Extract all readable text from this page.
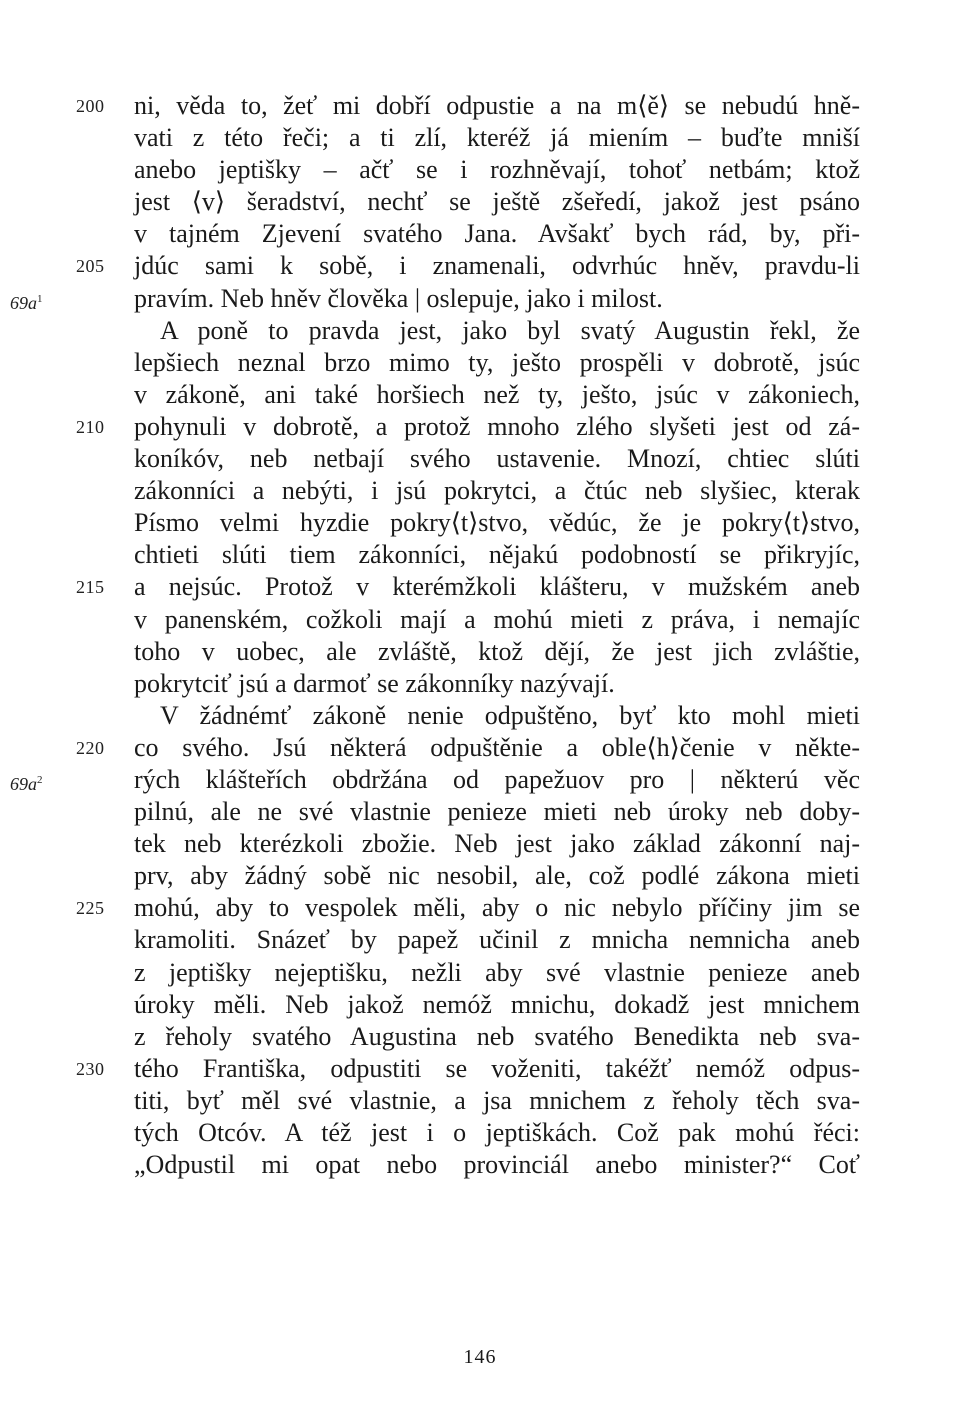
200	ni, věda to, žeť mi dobří odpustie a na m⟨ě⟩ se nebudú hně-
vati z této řeči; a ti zlí, kteréž já miením – buďte mniší
anebo jeptišky – ačť se i rozhněvají, tohoť netbám; ktož
jest ⟨v⟩ šeradství, nechť se ještě zšeředí, jakož jest psáno
v tajném Zjevení svatého Jana. Avšakť bych rád, by, při-
205	jdúc sami k sobě, i znamenali, odvrhúc hněv, pravdu-li
$69a^1$	pravím. Neb hněv člověka | oslepuje, jako i milost.
A poně to pravda jest, jako byl svatý Augustin řekl, že
lepšiech neznal brzo mimo ty, ješto prospěli v dobrotě, jsúc
v zákoně, ani také horšiech než ty, ješto, jsúc v zákoniech,
210	pohynuli v dobrotě, a protož mnoho zlého slyšeti jest od zá-
koníkóv, neb netbají svého ustavenie. Mnozí, chtiec slúti
zákonníci a nebýti, i jsú pokrytci, a čtúc neb slyšiec, kterak
Písmo velmi hyzdie pokry⟨t⟩stvo, vědúc, že je pokry⟨t⟩stvo,
chtieti slúti tiem zákonníci, nějakú podobností se přikryjíc,
215	a nejsúc. Protož v kterémžkoli klášteru, v mužském aneb
v panenském, cožkoli mají a mohú mieti z práva, i nemajíc
toho v uobec, ale zvláště, ktož dějí, že jest jich zvláštie,
pokrytciť jsú a darmoť se zákonníky nazývají.
V žádnémť zákoně nenie odpuštěno, byť kto mohl mieti
220	co svého. Jsú některá odpuštěnie a oble⟨h⟩čenie v někte-
$69a^2$	rých klášteřích obdržána od papežuov pro | některú věc
pilnú, ale ne své vlastnie penieze mieti neb úroky neb doby-
tek neb kterézkoli zbožie. Neb jest jako základ zákonní naj-
prv, aby žádný sobě nic nesobil, ale, což podlé zákona mieti
225	mohú, aby to vespolek měli, aby o nic nebylo příčiny jim se
kramoliti. Snázeť by papež učinil z mnicha nemnicha aneb
z jeptišky nejeptišku, nežli aby své vlastnie penieze aneb
úroky měli. Neb jakož nemóž mnichu, dokadž jest mnichem
z řeholy svatého Augustina neb svatého Benedikta neb sva-
230	tého Františka, odpustiti se voženiti, takéžť nemóž odpus-
titi, byť měl své vlastnie, a jsa mnichem z řeholy těch sva-
tých Otcóv. A též jest i o jeptiškách. Což pak mohú řéci:
„Odpustil mi opat nebo provinciál anebo minister?“ Coť
146
